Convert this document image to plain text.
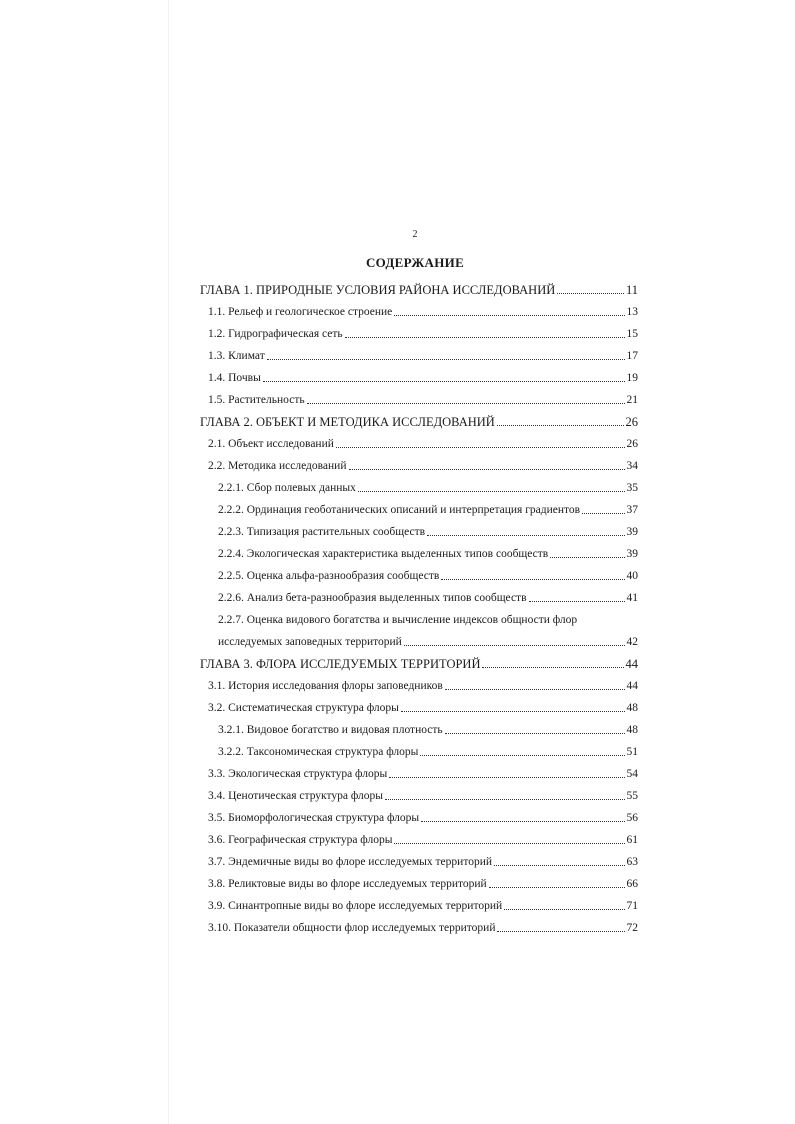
2
СОДЕРЖАНИЕ
ГЛАВА 1. ПРИРОДНЫЕ УСЛОВИЯ РАЙОНА ИССЛЕДОВАНИЙ	11
1.1. Рельеф и геологическое строение	13
1.2. Гидрографическая сеть	15
1.3. Климат	17
1.4. Почвы	19
1.5. Растительность	21
ГЛАВА 2. ОБЪЕКТ И МЕТОДИКА ИССЛЕДОВАНИЙ	26
2.1. Объект исследований	26
2.2. Методика исследований	34
2.2.1. Сбор полевых данных	35
2.2.2. Ординация геоботанических описаний и интерпретация градиентов	37
2.2.3. Типизация растительных сообществ	39
2.2.4. Экологическая характеристика выделенных типов сообществ	39
2.2.5. Оценка альфа-разнообразия сообществ	40
2.2.6. Анализ бета-разнообразия выделенных типов сообществ	41
2.2.7. Оценка видового богатства и вычисление индексов общности флор
исследуемых заповедных территорий	42
ГЛАВА 3. ФЛОРА ИССЛЕДУЕМЫХ ТЕРРИТОРИЙ	44
3.1. История исследования флоры заповедников	44
3.2. Систематическая структура флоры	48
3.2.1. Видовое богатство и видовая плотность	48
3.2.2. Таксономическая структура флоры	51
3.3. Экологическая структура флоры	54
3.4. Ценотическая структура флоры	55
3.5. Биоморфологическая структура флоры	56
3.6. Географическая структура флоры	61
3.7. Эндемичные виды во флоре исследуемых территорий	63
3.8. Реликтовые виды во флоре исследуемых территорий	66
3.9. Синантропные виды во флоре исследуемых территорий	71
3.10. Показатели общности флор исследуемых территорий	72
